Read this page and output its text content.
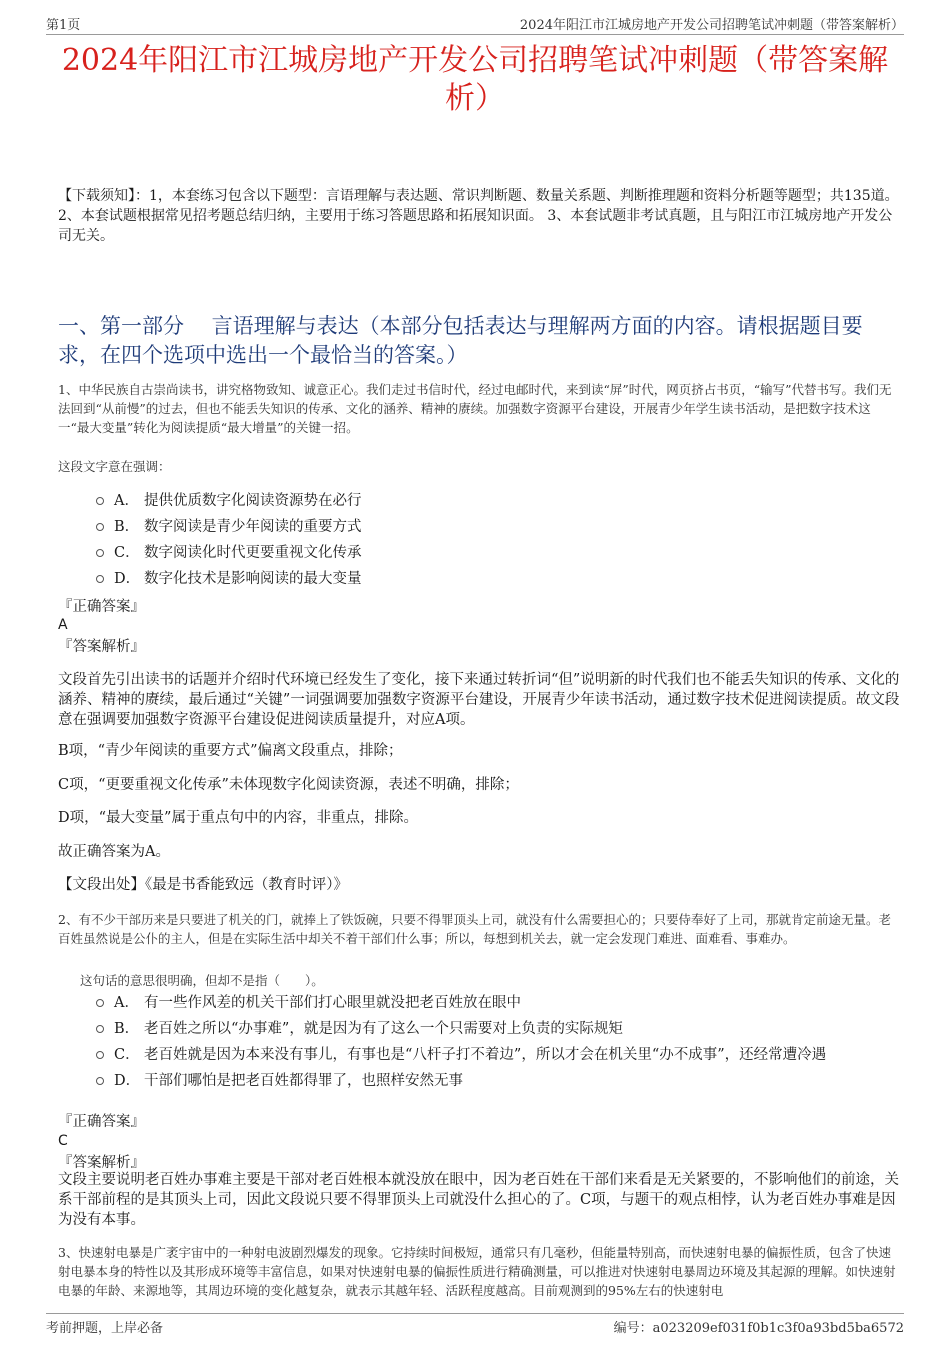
第1页	2024年阳江市江城房地产开发公司招聘笔试冲刺题（带答案解析）
2024年阳江市江城房地产开发公司招聘笔试冲刺题（带答案解析）
【下载须知】：1，本套练习包含以下题型：言语理解与表达题、常识判断题、数量关系题、判断推理题和资料分析题等题型；共135道。 2、本套试题根据常见招考题总结归纳，主要用于练习答题思路和拓展知识面。 3、本套试题非考试真题，且与阳江市江城房地产开发公司无关。
一、第一部分　 言语理解与表达（本部分包括表达与理解两方面的内容。请根据题目要求，在四个选项中选出一个最恰当的答案。）
1、中华民族自古崇尚读书，讲究格物致知、诚意正心。我们走过书信时代，经过电邮时代，来到读“屏”时代，网页挤占书页，“输写”代替书写。我们无法回到“从前慢”的过去，但也不能丢失知识的传承、文化的涵养、精神的赓续。加强数字资源平台建设，开展青少年学生读书活动，是把数字技术这一“最大变量”转化为阅读提质“最大增量”的关键一招。
这段文字意在强调：
A． 提供优质数字化阅读资源势在必行
B． 数字阅读是青少年阅读的重要方式
C． 数字阅读化时代更要重视文化传承
D． 数字化技术是影响阅读的最大变量
『正确答案』
A
『答案解析』
文段首先引出读书的话题并介绍时代环境已经发生了变化，接下来通过转折词“但”说明新的时代我们也不能丢失知识的传承、文化的涵养、精神的赓续，最后通过“关键”一词强调要加强数字资源平台建设，开展青少年读书活动，通过数字技术促进阅读提质。故文段意在强调要加强数字资源平台建设促进阅读质量提升，对应A项。
B项，“青少年阅读的重要方式”偏离文段重点，排除；
C项，“更要重视文化传承”未体现数字化阅读资源，表述不明确，排除；
D项，“最大变量”属于重点句中的内容，非重点，排除。
故正确答案为A。
【文段出处】《最是书香能致远（教育时评）》
2、有不少干部历来是只要进了机关的门，就捧上了铁饭碗，只要不得罪顶头上司，就没有什么需要担心的；只要侍奉好了上司，那就肯定前途无量。老百姓虽然说是公仆的主人，但是在实际生活中却关不着干部们什么事；所以，每想到机关去，就一定会发现门难进、面难看、事难办。
这句话的意思很明确，但却不是指（　　）。
A． 有一些作风差的机关干部们打心眼里就没把老百姓放在眼中
B． 老百姓之所以“办事难”，就是因为有了这么一个只需要对上负责的实际规矩
C． 老百姓就是因为本来没有事儿，有事也是“八杆子打不着边”，所以才会在机关里“办不成事”，还经常遭冷遇
D． 干部们哪怕是把老百姓都得罪了，也照样安然无事
『正确答案』
C
『答案解析』
文段主要说明老百姓办事难主要是干部对老百姓根本就没放在眼中，因为老百姓在干部们来看是无关紧要的，不影响他们的前途，关系干部前程的是其顶头上司，因此文段说只要不得罪顶头上司就没什么担心的了。C项，与题干的观点相悖，认为老百姓办事难是因为没有本事。
3、快速射电暴是广袤宇宙中的一种射电波剧烈爆发的现象。它持续时间极短，通常只有几毫秒，但能量特别高，而快速射电暴的偏振性质，包含了快速射电暴本身的特性以及其形成环境等丰富信息，如果对快速射电暴的偏振性质进行精确测量，可以推进对快速射电暴周边环境及其起源的理解。如快速射电暴的年龄、来源地等，其周边环境的变化越复杂，就表示其越年轻、活跃程度越高。目前观测到的95%左右的快速射电
考前押题，上岸必备	编号：a023209ef031f0b1c3f0a93bd5ba6572
